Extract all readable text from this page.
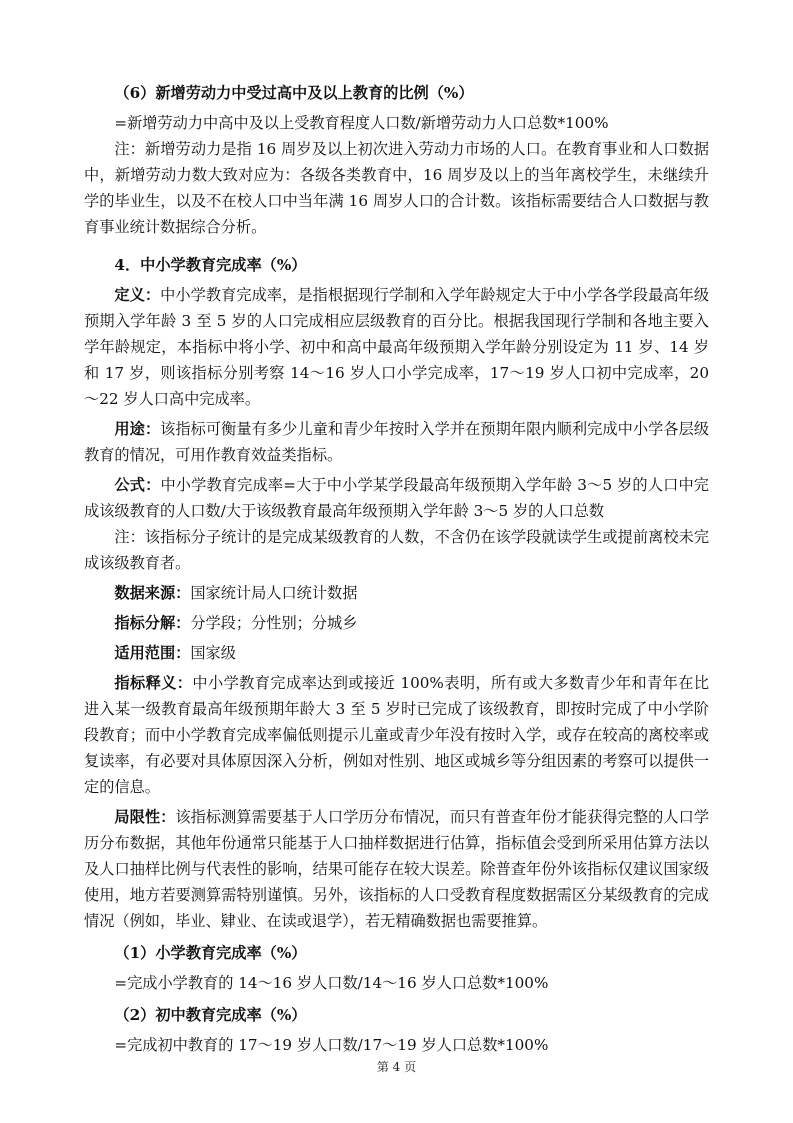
（6）新增劳动力中受过高中及以上教育的比例（%）

=新增劳动力中高中及以上受教育程度人口数/新增劳动力人口总数*100%

注：新增劳动力是指 16 周岁及以上初次进入劳动力市场的人口。在教育事业和人口数据中，新增劳动力数大致对应为：各级各类教育中，16 周岁及以上的当年离校学生，未继续升学的毕业生，以及不在校人口中当年满 16 周岁人口的合计数。该指标需要结合人口数据与教育事业统计数据综合分析。

4．中小学教育完成率（%）

定义：中小学教育完成率，是指根据现行学制和入学年龄规定大于中小学各学段最高年级预期入学年龄 3 至 5 岁的人口完成相应层级教育的百分比。根据我国现行学制和各地主要入学年龄规定，本指标中将小学、初中和高中最高年级预期入学年龄分别设定为 11 岁、14 岁和 17 岁，则该指标分别考察 14～16 岁人口小学完成率，17～19 岁人口初中完成率，20～22 岁人口高中完成率。

用途：该指标可衡量有多少儿童和青少年按时入学并在预期年限内顺利完成中小学各层级教育的情况，可用作教育效益类指标。

公式：中小学教育完成率=大于中小学某学段最高年级预期入学年龄 3～5 岁的人口中完成该级教育的人口数/大于该级教育最高年级预期入学年龄 3～5 岁的人口总数

注：该指标分子统计的是完成某级教育的人数，不含仍在该学段就读学生或提前离校未完成该级教育者。

数据来源：国家统计局人口统计数据

指标分解：分学段；分性别；分城乡

适用范围：国家级

指标释义：中小学教育完成率达到或接近 100%表明，所有或大多数青少年和青年在比进入某一级教育最高年级预期年龄大 3 至 5 岁时已完成了该级教育，即按时完成了中小学阶段教育；而中小学教育完成率偏低则提示儿童或青少年没有按时入学，或存在较高的离校率或复读率，有必要对具体原因深入分析，例如对性别、地区或城乡等分组因素的考察可以提供一定的信息。

局限性：该指标测算需要基于人口学历分布情况，而只有普查年份才能获得完整的人口学历分布数据，其他年份通常只能基于人口抽样数据进行估算，指标值会受到所采用估算方法以及人口抽样比例与代表性的影响，结果可能存在较大误差。除普查年份外该指标仅建议国家级使用，地方若要测算需特别谨慎。另外，该指标的人口受教育程度数据需区分某级教育的完成情况（例如，毕业、肄业、在读或退学），若无精确数据也需要推算。

（1）小学教育完成率（%）

=完成小学教育的 14～16 岁人口数/14～16 岁人口总数*100%

（2）初中教育完成率（%）

=完成初中教育的 17～19 岁人口数/17～19 岁人口总数*100%

第 4 页
